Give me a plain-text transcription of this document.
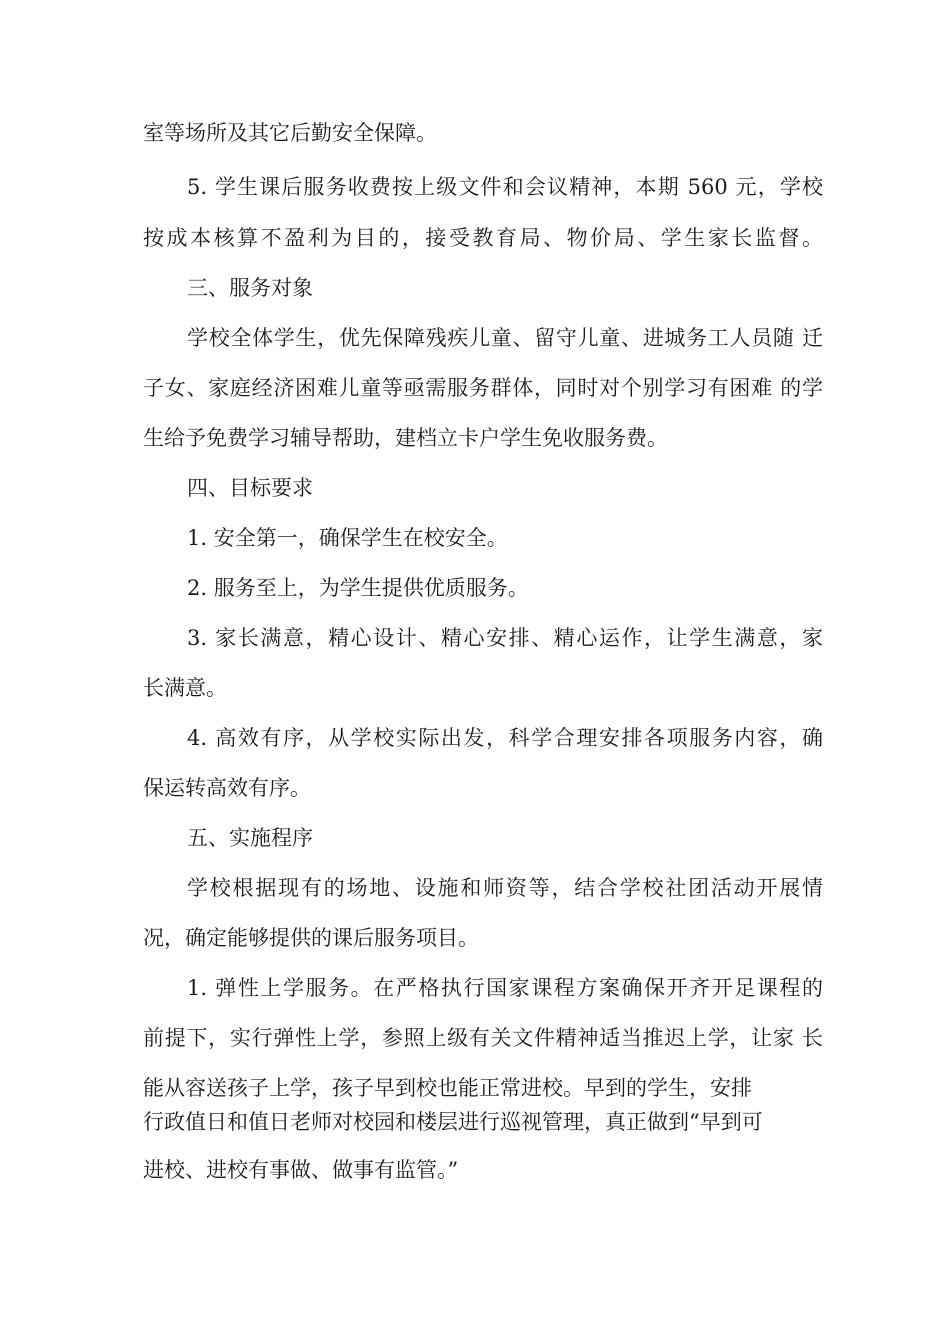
室等场所及其它后勤安全保障。
5. 学生课后服务收费按上级文件和会议精神，本期 560 元，学校
按成本核算不盈利为目的，接受教育局、物价局、学生家长监督。
三、服务对象
学校全体学生，优先保障残疾儿童、留守儿童、进城务工人员随 迁
子女、家庭经济困难儿童等亟需服务群体，同时对个别学习有困难 的学
生给予免费学习辅导帮助，建档立卡户学生免收服务费。
四、目标要求
1. 安全第一，确保学生在校安全。
2. 服务至上，为学生提供优质服务。
3. 家长满意，精心设计、精心安排、精心运作，让学生满意，家
长满意。
4. 高效有序，从学校实际出发，科学合理安排各项服务内容，确
保运转高效有序。
五、实施程序
学校根据现有的场地、设施和师资等，结合学校社团活动开展情
况，确定能够提供的课后服务项目。
1. 弹性上学服务。在严格执行国家课程方案确保开齐开足课程的
前提下，实行弹性上学，参照上级有关文件精神适当推迟上学，让家 长
能从容送孩子上学，孩子早到校也能正常进校。早到的学生，安排
行政值日和值日老师对校园和楼层进行巡视管理，真正做到“早到可
进校、进校有事做、做事有监管。”
